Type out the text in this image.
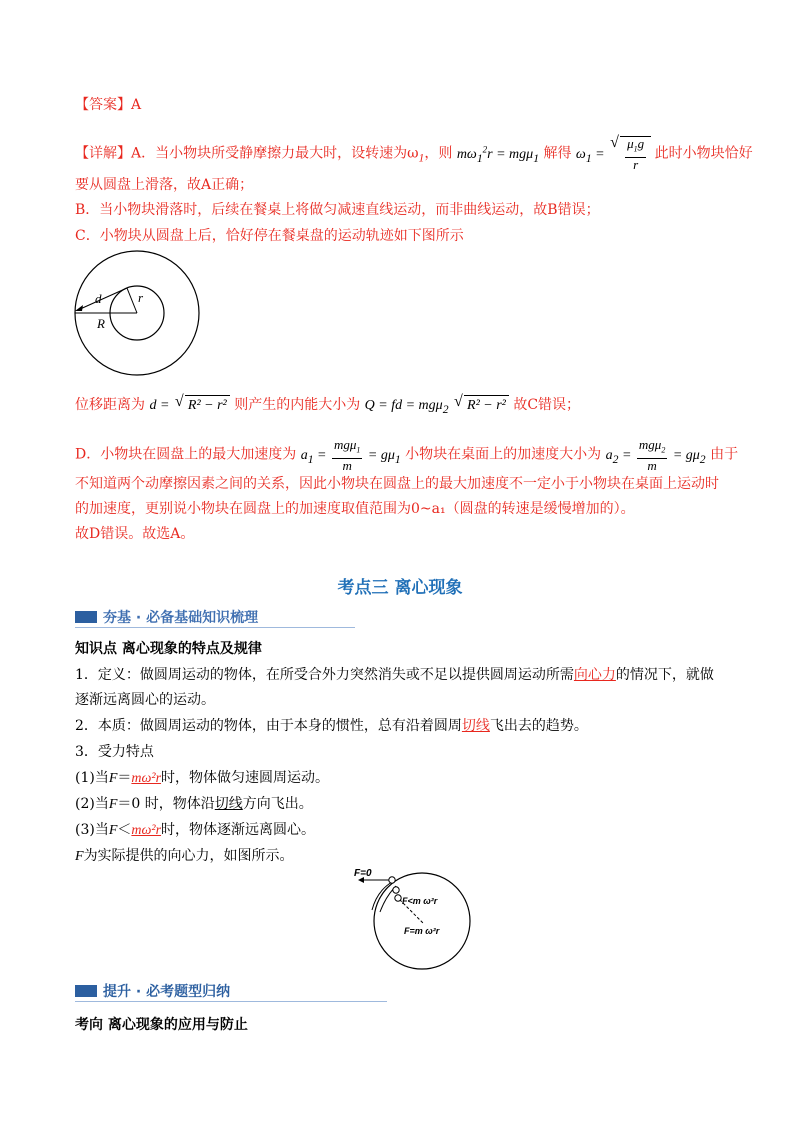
【答案】A
【详解】A．当小物块所受静摩擦力最大时，设转速为$\omega_1$，则 $m\omega_1^2r = mg\mu_1$ 解得 $\omega_1$ = √ $\frac{\mu_1g}{r}$ 此时小物块恰好
要从圆盘上滑落，故A正确；
B．当小物块滑落时，后续在餐桌上将做匀减速直线运动，而非曲线运动，故B错误；
C．小物块从圆盘上后，恰好停在餐桌盘的运动轨迹如下图所示
d	r
R
位移距离为 d = √ R² − r² 则产生的内能大小为 Q = fd = mgμ$_2$ √ R² − r² 故C错误；
D．小物块在圆盘上的最大加速度为 $a_1 = \frac{mg\mu_1}{m} = g\mu_1$ 小物块在桌面上的加速度大小为 $a_2 = \frac{mg\mu_2}{m} = g\mu_2$ 由于
不知道两个动摩擦因素之间的关系，因此小物块在圆盘上的最大加速度不一定小于小物块在桌面上运动时
的加速度，更别说小物块在圆盘上的加速度取值范围为0~a₁（圆盘的转速是缓慢增加的）。
故D错误。故选A。
考点三 离心现象
夯基 · 必备基础知识梳理
知识点 离心现象的特点及规律
1．定义：做圆周运动的物体，在所受合外力突然消失或不足以提供圆周运动所需向心力的情况下，就做
逐渐远离圆心的运动。
2．本质：做圆周运动的物体，由于本身的惯性，总有沿着圆周切线飞出去的趋势。
3．受力特点
(1)当F＝mω²r时，物体做匀速圆周运动。
(2)当F＝0 时，物体沿切线方向飞出。
(3)当F＜mω²r时，物体逐渐远离圆心。
F为实际提供的向心力，如图所示。
F=0
F<m ω²r
F=m ω²r
提升 · 必考题型归纳
考向 离心现象的应用与防止
